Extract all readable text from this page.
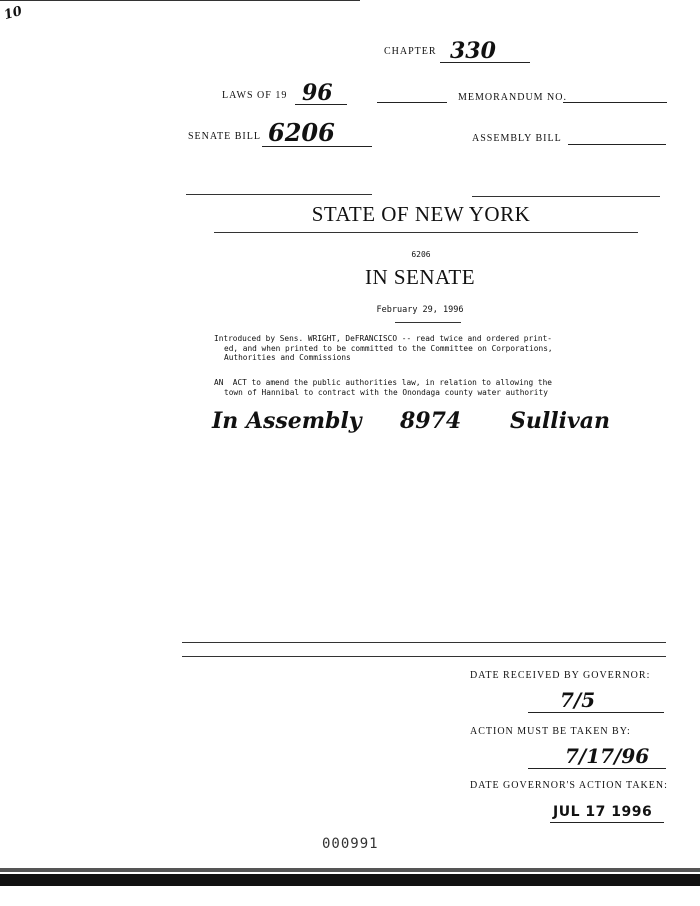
10
CHAPTER 330
LAWS OF 19 96	MEMORANDUM NO.
SENATE BILL 6206	ASSEMBLY BILL
STATE OF NEW YORK
6206
IN SENATE
February 29, 1996
Introduced by Sens. WRIGHT, DeFRANCISCO -- read twice and ordered print-
ed, and when printed to be committed to the Committee on Corporations,
Authorities and Commissions
AN  ACT to amend the public authorities law, in relation to allowing the
town of Hannibal to contract with the Onondaga county water authority
In Assembly 8974 Sullivan
DATE RECEIVED BY GOVERNOR:
7/5
ACTION MUST BE TAKEN BY:
7/17/96
DATE GOVERNOR'S ACTION TAKEN:
JUL 17 1996
000991
